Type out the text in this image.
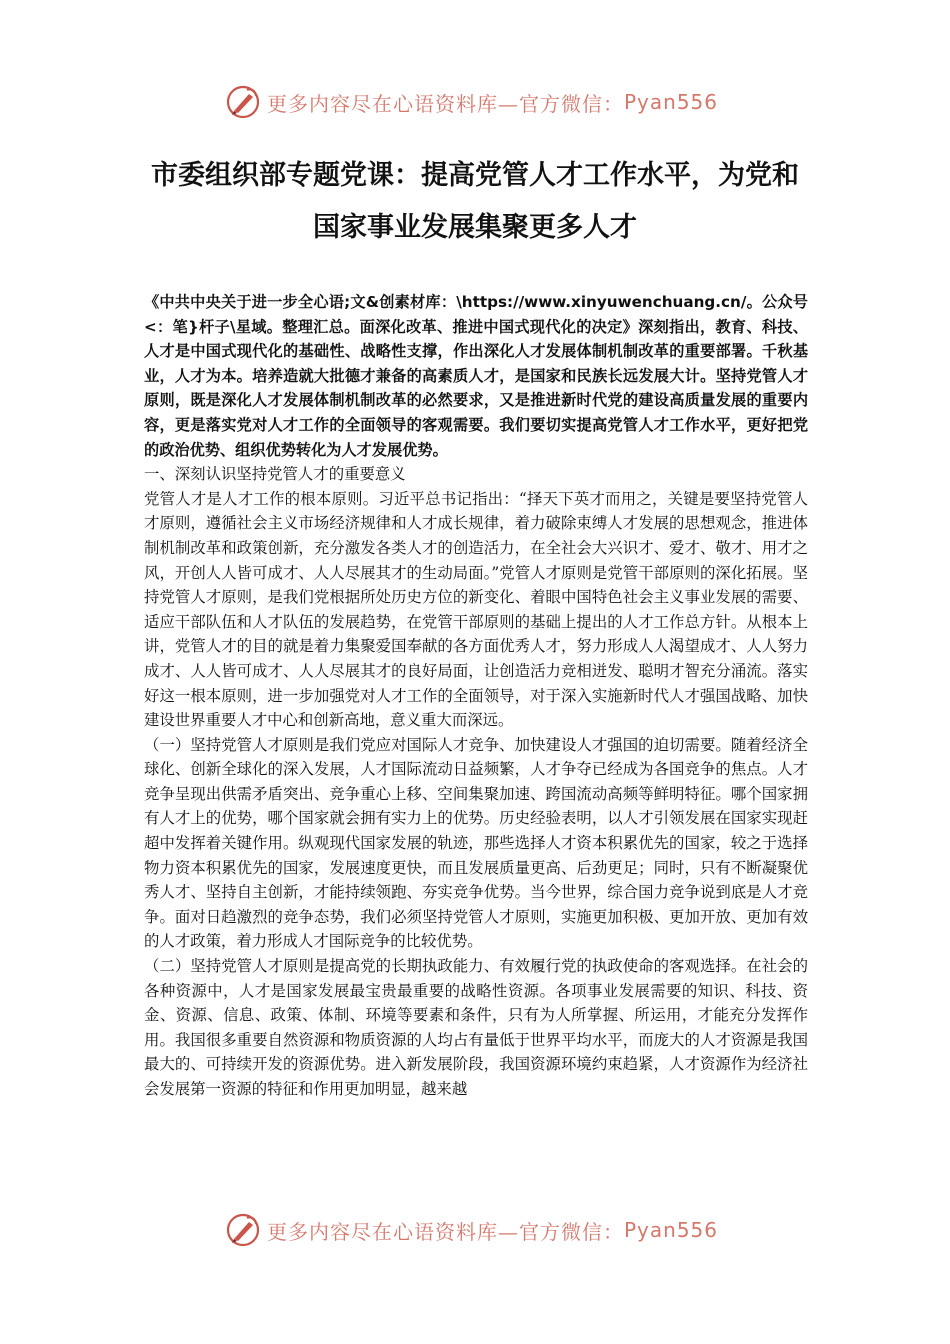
更多内容尽在心语资料库—官方微信： Pyan556
市委组织部专题党课：提高党管人才工作水平，为党和国家事业发展集聚更多人才

《中共中央关于进一步全心语;文&创素材库：\https://www.xinyuwenchuang.cn/。公众号<：笔}杆子\星域。整理汇总。面深化改革、推进中国式现代化的决定》深刻指出，教育、科技、人才是中国式现代化的基础性、战略性支撑，作出深化人才发展体制机制改革的重要部署。千秋基业，人才为本。培养造就大批德才兼备的高素质人才，是国家和民族长远发展大计。坚持党管人才原则，既是深化人才发展体制机制改革的必然要求，又是推进新时代党的建设高质量发展的重要内容，更是落实党对人才工作的全面领导的客观需要。我们要切实提高党管人才工作水平，更好把党的政治优势、组织优势转化为人才发展优势。

一、深刻认识坚持党管人才的重要意义

党管人才是人才工作的根本原则。习近平总书记指出：“择天下英才而用之，关键是要坚持党管人才原则，遵循社会主义市场经济规律和人才成长规律，着力破除束缚人才发展的思想观念，推进体制机制改革和政策创新，充分激发各类人才的创造活力，在全社会大兴识才、爱才、敬才、用才之风，开创人人皆可成才、人人尽展其才的生动局面。”党管人才原则是党管干部原则的深化拓展。坚持党管人才原则，是我们党根据所处历史方位的新变化、着眼中国特色社会主义事业发展的需要、适应干部队伍和人才队伍的发展趋势，在党管干部原则的基础上提出的人才工作总方针。从根本上讲，党管人才的目的就是着力集聚爱国奉献的各方面优秀人才，努力形成人人渴望成才、人人努力成才、人人皆可成才、人人尽展其才的良好局面，让创造活力竞相迸发、聪明才智充分涌流。落实好这一根本原则，进一步加强党对人才工作的全面领导，对于深入实施新时代人才强国战略、加快建设世界重要人才中心和创新高地，意义重大而深远。

（一）坚持党管人才原则是我们党应对国际人才竞争、加快建设人才强国的迫切需要。随着经济全球化、创新全球化的深入发展，人才国际流动日益频繁，人才争夺已经成为各国竞争的焦点。人才竞争呈现出供需矛盾突出、竞争重心上移、空间集聚加速、跨国流动高频等鲜明特征。哪个国家拥有人才上的优势，哪个国家就会拥有实力上的优势。历史经验表明，以人才引领发展在国家实现赶超中发挥着关键作用。纵观现代国家发展的轨迹，那些选择人才资本积累优先的国家，较之于选择物力资本积累优先的国家，发展速度更快，而且发展质量更高、后劲更足；同时，只有不断凝聚优秀人才、坚持自主创新，才能持续领跑、夯实竞争优势。当今世界，综合国力竞争说到底是人才竞争。面对日趋激烈的竞争态势，我们必须坚持党管人才原则，实施更加积极、更加开放、更加有效的人才政策，着力形成人才国际竞争的比较优势。

（二）坚持党管人才原则是提高党的长期执政能力、有效履行党的执政使命的客观选择。在社会的各种资源中，人才是国家发展最宝贵最重要的战略性资源。各项事业发展需要的知识、科技、资金、资源、信息、政策、体制、环境等要素和条件，只有为人所掌握、所运用，才能充分发挥作用。我国很多重要自然资源和物质资源的人均占有量低于世界平均水平，而庞大的人才资源是我国最大的、可持续开发的资源优势。进入新发展阶段，我国资源环境约束趋紧，人才资源作为经济社会发展第一资源的特征和作用更加明显，越来越

更多内容尽在心语资料库—官方微信： Pyan556
